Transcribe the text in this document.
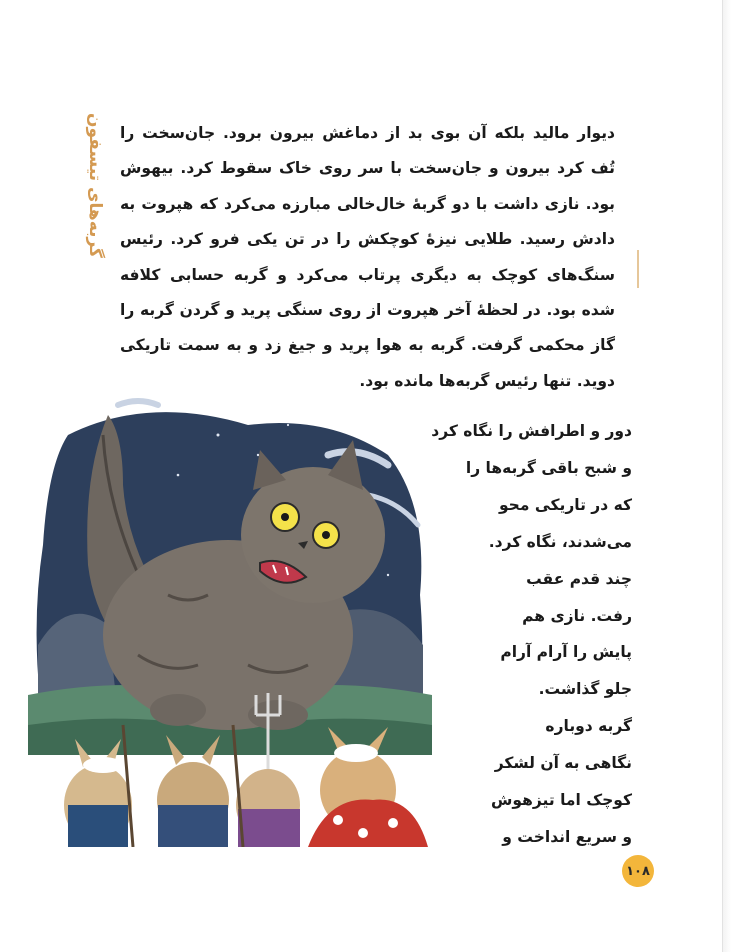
گربه‌های تیسفون دیوار مالید بلکه آن بوی بد از دماغش بیرون برود. جان‌سخت را تُف کرد بیرون و جان‌سخت با سر روی خاک سقوط کرد. بیهوش بود. نازی داشت با دو گربهٔ خال‌خالی مبارزه می‌کرد که هپروت به دادش رسید. طلایی نیزهٔ کوچکش را در تن یکی فرو کرد. رئیس سنگ‌های کوچک به دیگری پرتاب می‌کرد و گربه حسابی کلافه شده بود. در لحظهٔ آخر هپروت از روی سنگی پرید و گردن گربه را گاز محکمی گرفت. گربه به هوا پرید و جیغ زد و به سمت تاریکی دوید. تنها رئیس گربه‌ها مانده بود.

دور و اطرافش را نگاه کرد
و شبح باقی گربه‌ها را
که در تاریکی محو
می‌شدند، نگاه کرد.
چند قدم عقب
رفت. نازی هم
پایش را آرام آرام
جلو گذاشت.
گربه دوباره
نگاهی به آن لشکر
کوچک اما تیزهوش
و سریع انداخت و
۱۰۸
